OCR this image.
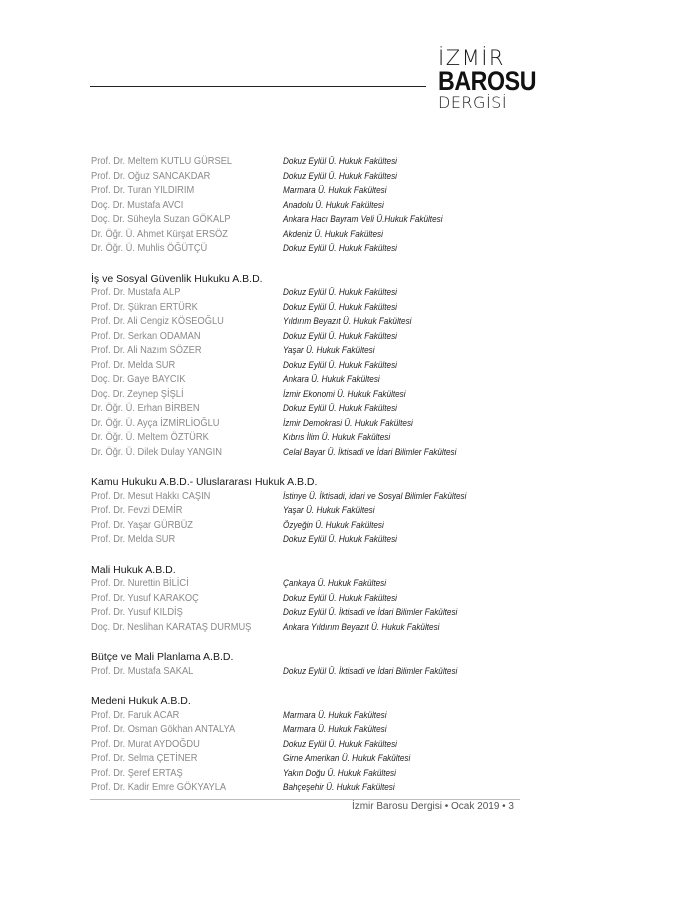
İZMİR
BAROSU
DERGİSİ
Prof. Dr. Meltem KUTLU GÜRSEL	Dokuz Eylül Ü. Hukuk Fakültesi
Prof. Dr. Oğuz SANCAKDAR	Dokuz Eylül Ü. Hukuk Fakültesi
Prof. Dr. Turan YILDIRIM	Marmara Ü. Hukuk Fakültesi
Doç. Dr. Mustafa AVCI	Anadolu Ü. Hukuk Fakültesi
Doç. Dr. Süheyla Suzan GÖKALP	Ankara Hacı Bayram Veli Ü.Hukuk Fakültesi
Dr. Öğr. Ü. Ahmet Kürşat ERSÖZ	Akdeniz Ü. Hukuk Fakültesi
Dr. Öğr. Ü. Muhlis ÖĞÜTÇÜ	Dokuz Eylül Ü. Hukuk Fakültesi
İş ve Sosyal Güvenlik Hukuku A.B.D.
Prof. Dr. Mustafa ALP	Dokuz Eylül Ü. Hukuk Fakültesi
Prof. Dr. Şükran ERTÜRK	Dokuz Eylül Ü. Hukuk Fakültesi
Prof. Dr. Ali Cengiz KÖSEOĞLU	Yıldırım Beyazıt Ü. Hukuk Fakültesi
Prof. Dr. Serkan ODAMAN	Dokuz Eylül Ü. Hukuk Fakültesi
Prof. Dr. Ali Nazım SÖZER	Yaşar Ü. Hukuk Fakültesi
Prof. Dr. Melda SUR	Dokuz Eylül Ü. Hukuk Fakültesi
Doç. Dr. Gaye BAYCIK	Ankara Ü. Hukuk Fakültesi
Doç. Dr. Zeynep ŞİŞLİ	İzmir Ekonomi Ü. Hukuk Fakültesi
Dr. Öğr. Ü. Erhan BİRBEN	Dokuz Eylül Ü. Hukuk Fakültesi
Dr. Öğr. Ü. Ayça İZMİRLİOĞLU	İzmir Demokrasi Ü. Hukuk Fakültesi
Dr. Öğr. Ü. Meltem ÖZTÜRK	Kıbrıs İlim Ü. Hukuk Fakültesi
Dr. Öğr. Ü. Dilek Dulay YANGIN	Celal Bayar Ü. İktisadi ve İdari Bilimler Fakültesi
Kamu Hukuku A.B.D.- Uluslararası Hukuk A.B.D.
Prof. Dr. Mesut Hakkı CAŞIN	İstinye Ü. İktisadi, idari ve Sosyal Bilimler Fakültesi
Prof. Dr. Fevzi DEMİR	Yaşar Ü. Hukuk Fakültesi
Prof. Dr. Yaşar GÜRBÜZ	Özyeğin Ü. Hukuk Fakültesi
Prof. Dr. Melda SUR	Dokuz Eylül Ü. Hukuk Fakültesi
Mali Hukuk A.B.D.
Prof. Dr. Nurettin BİLİCİ	Çankaya Ü. Hukuk Fakültesi
Prof. Dr. Yusuf KARAKOÇ	Dokuz Eylül Ü. Hukuk Fakültesi
Prof. Dr. Yusuf KILDİŞ	Dokuz Eylül Ü. İktisadi ve İdari Bilimler Fakültesi
Doç. Dr. Neslihan KARATAŞ DURMUŞ	Ankara Yıldırım Beyazıt Ü. Hukuk Fakültesi
Bütçe ve Mali Planlama A.B.D.
Prof. Dr. Mustafa SAKAL	Dokuz Eylül Ü. İktisadi ve İdari Bilimler Fakültesi
Medeni Hukuk A.B.D.
Prof. Dr. Faruk ACAR	Marmara Ü. Hukuk Fakültesi
Prof. Dr. Osman Gökhan ANTALYA	Marmara Ü. Hukuk Fakültesi
Prof. Dr. Murat AYDOĞDU	Dokuz Eylül Ü. Hukuk Fakültesi
Prof. Dr. Selma ÇETİNER	Girne Amerikan Ü. Hukuk Fakültesi
Prof. Dr. Şeref ERTAŞ	Yakın Doğu Ü. Hukuk Fakültesi
Prof. Dr. Kadir Emre GÖKYAYLA	Bahçeşehir Ü. Hukuk Fakültesi
İzmir Barosu Dergisi • Ocak 2019 • 3
